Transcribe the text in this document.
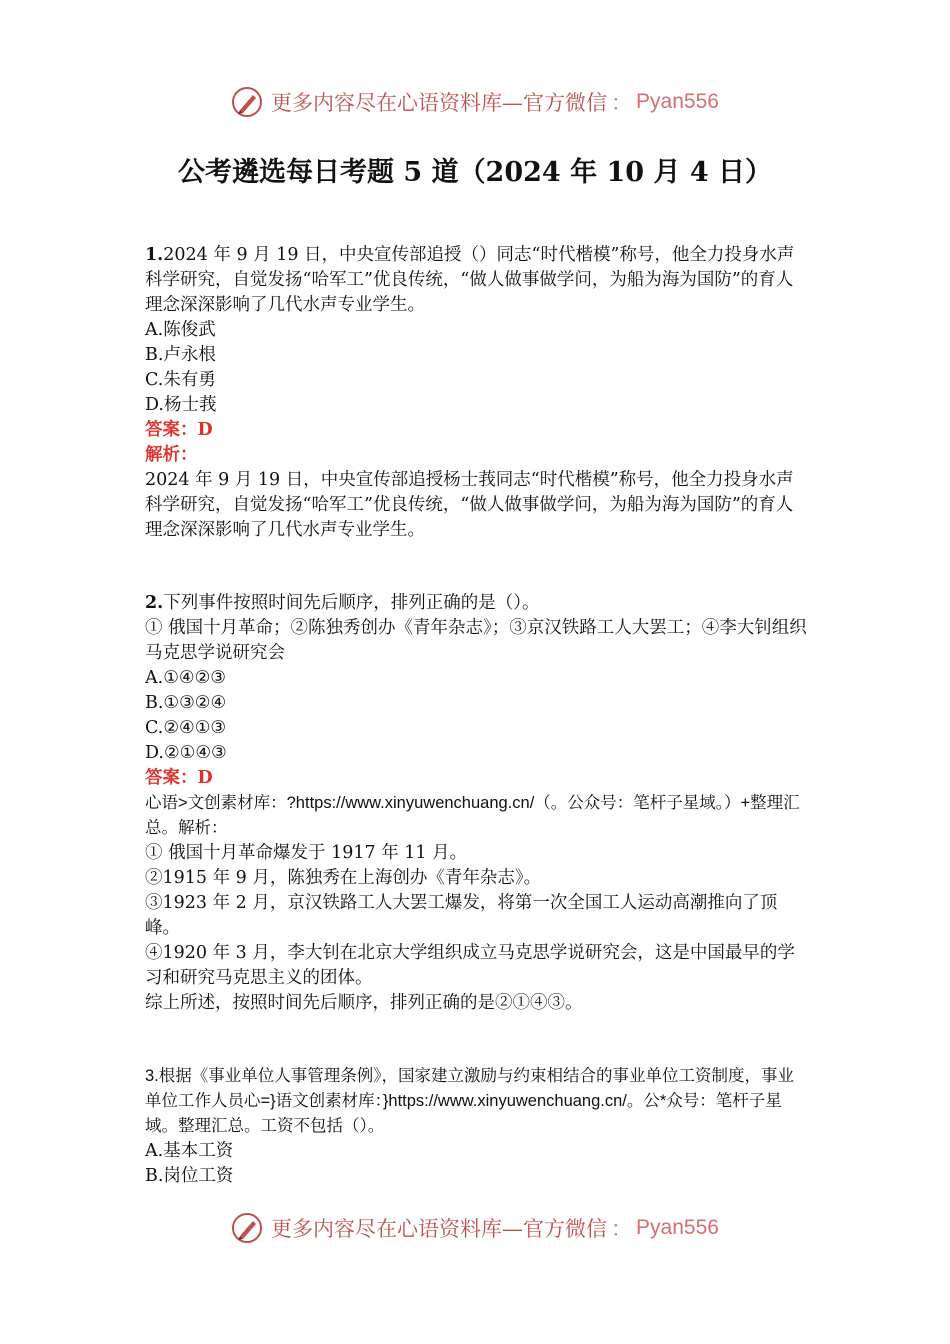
更多内容尽在心语资料库—官方微信 ： Pyan556
公考遴选每日考题 5 道（2024 年 10 月 4 日）

1.2024 年 9 月 19 日，中央宣传部追授（）同志“时代楷模”称号，他全力投身水声科学研究，自觉发扬“哈军工”优良传统，“做人做事做学问，为船为海为国防”的育人理念深深影响了几代水声专业学生。

A.陈俊武

B.卢永根

C.朱有勇

D.杨士莪

答案：D

解析：

2024 年 9 月 19 日，中央宣传部追授杨士莪同志“时代楷模”称号，他全力投身水声科学研究，自觉发扬“哈军工”优良传统，“做人做事做学问，为船为海为国防”的育人理念深深影响了几代水声专业学生。

2.下列事件按照时间先后顺序，排列正确的是（）。

① 俄国十月革命；②陈独秀创办《青年杂志》；③京汉铁路工人大罢工；④李大钊组织马克思学说研究会

A.①④②③

B.①③②④

C.②④①③

D.②①④③

答案：D

心语>文创素材库：?https://www.xinyuwenchuang.cn/（。公众号：笔杆子星域。）+整理汇总。解析：

① 俄国十月革命爆发于 1917 年 11 月。

②1915 年 9 月，陈独秀在上海创办《青年杂志》。

③1923 年 2 月，京汉铁路工人大罢工爆发，将第一次全国工人运动高潮推向了顶峰。

④1920 年 3 月，李大钊在北京大学组织成立马克思学说研究会，这是中国最早的学习和研究马克思主义的团体。

综上所述，按照时间先后顺序，排列正确的是②①④③。

3.根据《事业单位人事管理条例》，国家建立激励与约束相结合的事业单位工资制度，事业单位工作人员心=}语文创素材库：}https://www.xinyuwenchuang.cn/。公*众号：笔杆子星域。整理汇总。工资不包括（）。

A.基本工资

B.岗位工资

更多内容尽在心语资料库—官方微信 ： Pyan556
